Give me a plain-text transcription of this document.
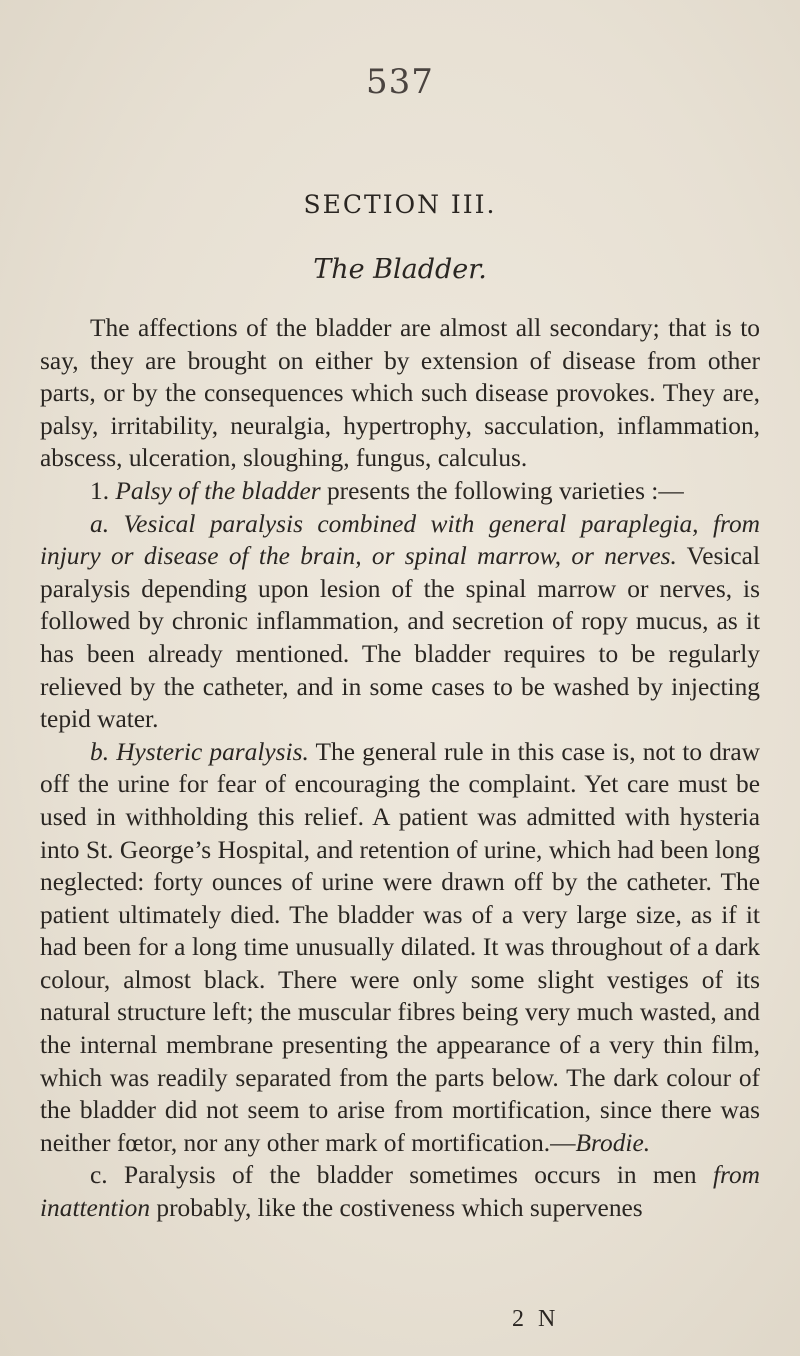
537
SECTION III.
The Bladder.

The affections of the bladder are almost all secondary; that is to say, they are brought on either by extension of disease from other parts, or by the consequences which such disease provokes. They are, palsy, irritability, neuralgia, hypertrophy, sacculation, inflammation, abscess, ulceration, sloughing, fungus, calculus.

1. Palsy of the bladder presents the following varieties :—

a. Vesical paralysis combined with general paraplegia, from injury or disease of the brain, or spinal marrow, or nerves. Vesical paralysis depending upon lesion of the spinal marrow or nerves, is followed by chronic inflammation, and secretion of ropy mucus, as it has been already mentioned. The bladder requires to be regularly relieved by the catheter, and in some cases to be washed by injecting tepid water.

b. Hysteric paralysis. The general rule in this case is, not to draw off the urine for fear of encouraging the complaint. Yet care must be used in withholding this relief. A patient was admitted with hysteria into St. George’s Hospital, and retention of urine, which had been long neglected: forty ounces of urine were drawn off by the catheter. The patient ultimately died. The bladder was of a very large size, as if it had been for a long time unusually dilated. It was throughout of a dark colour, almost black. There were only some slight vestiges of its natural structure left; the muscular fibres being very much wasted, and the internal membrane presenting the appearance of a very thin film, which was readily separated from the parts below. The dark colour of the bladder did not seem to arise from mortification, since there was neither fœtor, nor any other mark of mortification.—Brodie.

c. Paralysis of the bladder sometimes occurs in men from inattention probably, like the costiveness which supervenes

2 N
